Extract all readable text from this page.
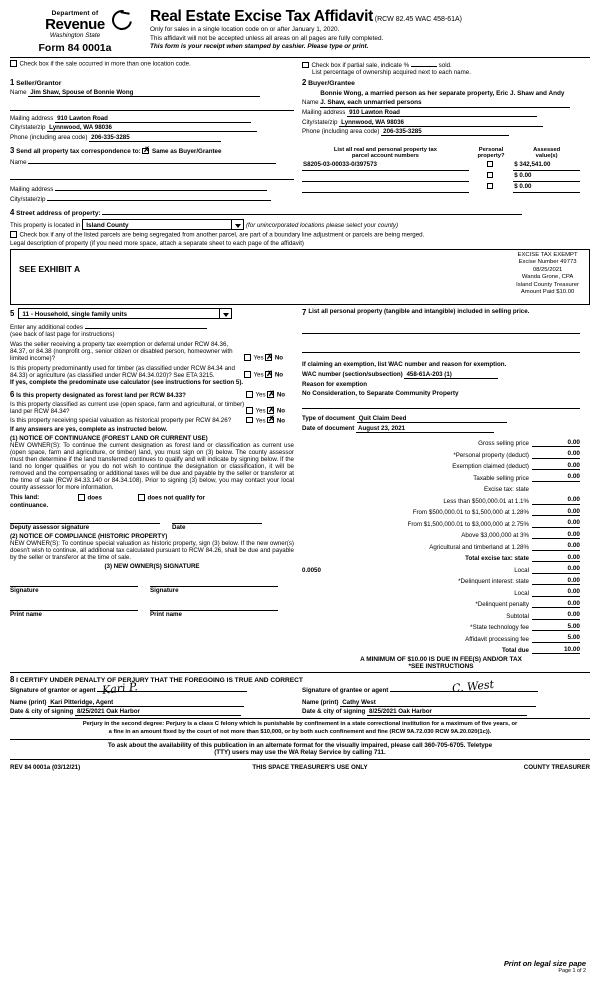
Department of
Revenue
Washington State
Form 84 0001a
Real Estate Excise Tax Affidavit (RCW 82.45 WAC 458-61A)
Only for sales in a single location code on or after January 1, 2020.
This affidavit will not be accepted unless all areas on all pages are fully completed.
This form is your receipt when stamped by cashier. Please type or print.
Check box if the sale occurred in more than one location code.	Check box if partial sale, indicate %	sold.
List percentage of ownership acquired next to each name.
1 Seller/Grantor
Name Jim Shaw, Spouse of Bonnie Wong
Mailing address 910 Lawton Road
City/state/zip Lynnwood, WA 98036
Phone (including area code) 206-335-3285
2 Buyer/Grantee
Name Bonnie Wong, a married person as her separate property, Eric J. Shaw and Andy J. Shaw, each unmarried persons
Mailing address 910 Lawton Road
City/state/zip Lynnwood, WA 98036
Phone (including area code) 206-335-3285
3 Send all property tax correspondence to: ✗ Same as Buyer/Grantee
Name
Mailing address
City/state/zip
List all real and personal property tax
parcel account numbers	Personal
property?	Assessed
value(s)
S8205-03-00033-0/397573		$ 342,541.00
		$ 0.00
		$ 0.00
4 Street address of property:
This property is located in Island County	(for unincorporated locations please select your county)
Check box if any of the listed parcels are being segregated from another parcel, are part of a boundary line adjustment or parcels are being merged.
Legal description of property (if you need more space, attach a separate sheet to each page of the affidavit)
SEE EXHIBIT A
EXCISE TAX EXEMPT
Excise Number 49773
08/25/2021
Wanda Grone, CPA
Island County Treasurer
Amount Paid $10.00
5	11 - Household, single family units
Enter any additional codes
(see back of last page for instructions)
Was the seller receiving a property tax exemption or deferral under RCW 84.36, 84.37, or 84.38 (nonprofit org., senior citizen or disabled person, homeowner with limited income)?	Yes ✗ No
Is this property predominantly used for timber (as classified under RCW 84.34 and 84.33) or agriculture (as classified under RCW 84.34.020)? See ETA 3215.	Yes ✗ No
If yes, complete the predominate use calculator (see instructions for section 5).
6 Is this property designated as forest land per RCW 84.33?	Yes ✗ No
Is this property classified as current use (open space, farm and agricultural, or timber) land per RCW 84.34?	Yes ✗ No
Is this property receiving special valuation as historical property per RCW 84.26?	Yes ✗ No
If any answers are yes, complete as instructed below.
(1) NOTICE OF CONTINUANCE (FOREST LAND OR CURRENT USE)
NEW OWNER(S): To continue the current designation as forest land or classification as current use (open space, farm and agriculture, or timber) land, you must sign on (3) below. The county assessor must then determine if the land transferred continues to qualify and will indicate by signing below. If the land no longer qualifies or you do not wish to continue the designation or classification, it will be removed and the compensating or additional taxes will be due and payable by the seller or transferor at the time of sale (RCW 84.33.140 or 84.34.108). Prior to signing (3) below, you may contact your local county assessor for more information.
This land:	does	does not qualify for
continuance.
Deputy assessor signature	Date
(2) NOTICE OF COMPLIANCE (HISTORIC PROPERTY)
NEW OWNER(S): To continue special valuation as historic property, sign (3) below. If the new owner(s) doesn't wish to continue, all additional tax calculated pursuant to RCW 84.26, shall be due and payable by the seller or transferor at the time of sale.
(3) NEW OWNER(S) SIGNATURE
Signature	Signature
Print name	Print name
7 List all personal property (tangible and intangible) included in selling price.

If claiming an exemption, list WAC number and reason for exemption.
WAC number (section/subsection) 458-61A-203 (1)
Reason for exemption
No Consideration, to Separate Community Property
Type of document Quit Claim Deed
Date of document August 23, 2021
Gross selling price	0.00
*Personal property (deduct)	0.00
Exemption claimed (deduct)	0.00
Taxable selling price	0.00
Excise tax: state
Less than $500,000.01 at 1.1%	0.00
From $500,000.01 to $1,500,000 at 1.28%	0.00
From $1,500,000.01 to $3,000,000 at 2.75%	0.00
Above $3,000,000 at 3%	0.00
Agricultural and timberland at 1.28%	0.00
Total excise tax: state	0.00
0.0050	Local	0.00
*Delinquent interest: state	0.00
Local	0.00
*Delinquent penalty	0.00
Subtotal	0.00
*State technology fee	5.00
Affidavit processing fee	5.00
Total due	10.00
A MINIMUM OF $10.00 IS DUE IN FEE(S) AND/OR TAX
*SEE INSTRUCTIONS
8 I CERTIFY UNDER PENALTY OF PERJURY THAT THE FOREGOING IS TRUE AND CORRECT
Signature of grantor or agent Kari P.
Name (print) Kari Pitteridge, Agent
Date & city of signing 8/25/2021 Oak Harbor
Signature of grantee or agent	C. West
Name (print) Cathy West
Date & city of signing 8/25/2021 Oak Harbor
Perjury in the second degree: Perjury is a class C felony which is punishable by confinement in a state correctional institution for a maximum of five years, or
a fine in an amount fixed by the court of not more than $10,000, or by both such confinement and fine (RCW 9A.72.030 RCW 9A.20.020(1c)).
To ask about the availability of this publication in an alternate format for the visually impaired, please call 360-705-6705. Teletype
(TTY) users may use the WA Relay Service by calling 711.
REV 84 0001a (03/12/21)	THIS SPACE TREASURER'S USE ONLY	COUNTY TREASURER
Print on legal size pape
Page 1 of 2
